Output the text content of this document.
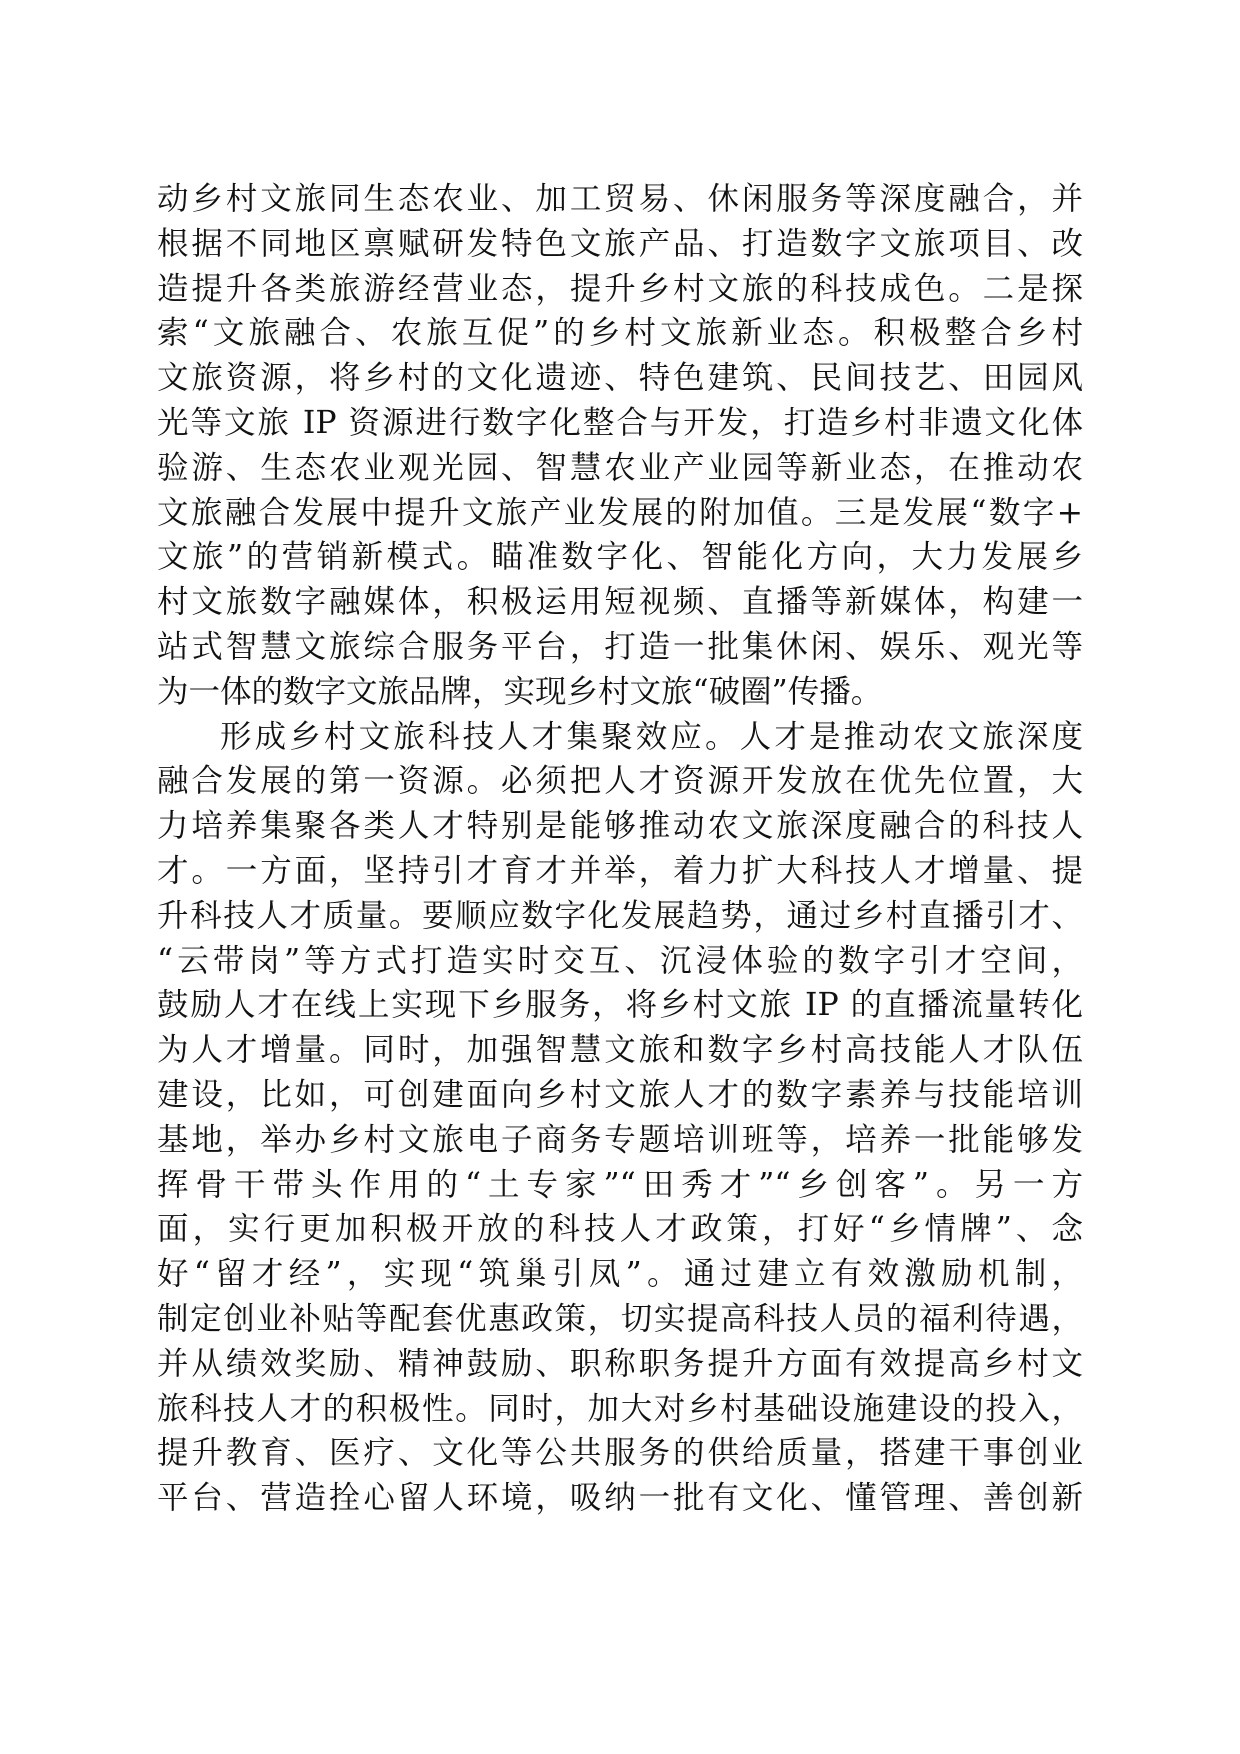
动乡村文旅同生态农业、加工贸易、休闲服务等深度融合，并
根据不同地区禀赋研发特色文旅产品、打造数字文旅项目、改
造提升各类旅游经营业态，提升乡村文旅的科技成色。二是探
索“文旅融合、农旅互促”的乡村文旅新业态。积极整合乡村
文旅资源，将乡村的文化遗迹、特色建筑、民间技艺、田园风
光等文旅 IP 资源进行数字化整合与开发，打造乡村非遗文化体
验游、生态农业观光园、智慧农业产业园等新业态，在推动农
文旅融合发展中提升文旅产业发展的附加值。三是发展“数字+
文旅”的营销新模式。瞄准数字化、智能化方向，大力发展乡
村文旅数字融媒体，积极运用短视频、直播等新媒体，构建一
站式智慧文旅综合服务平台，打造一批集休闲、娱乐、观光等
为一体的数字文旅品牌，实现乡村文旅“破圈”传播。
形成乡村文旅科技人才集聚效应。人才是推动农文旅深度
融合发展的第一资源。必须把人才资源开发放在优先位置，大
力培养集聚各类人才特别是能够推动农文旅深度融合的科技人
才。一方面，坚持引才育才并举，着力扩大科技人才增量、提
升科技人才质量。要顺应数字化发展趋势，通过乡村直播引才、
“云带岗”等方式打造实时交互、沉浸体验的数字引才空间，
鼓励人才在线上实现下乡服务，将乡村文旅 IP 的直播流量转化
为人才增量。同时，加强智慧文旅和数字乡村高技能人才队伍
建设，比如，可创建面向乡村文旅人才的数字素养与技能培训
基地，举办乡村文旅电子商务专题培训班等，培养一批能够发
挥骨干带头作用的“土专家”“田秀才”“乡创客”。另一方
面，实行更加积极开放的科技人才政策，打好“乡情牌”、念
好“留才经”，实现“筑巢引凤”。通过建立有效激励机制，
制定创业补贴等配套优惠政策，切实提高科技人员的福利待遇，
并从绩效奖励、精神鼓励、职称职务提升方面有效提高乡村文
旅科技人才的积极性。同时，加大对乡村基础设施建设的投入，
提升教育、医疗、文化等公共服务的供给质量，搭建干事创业
平台、营造拴心留人环境，吸纳一批有文化、懂管理、善创新
